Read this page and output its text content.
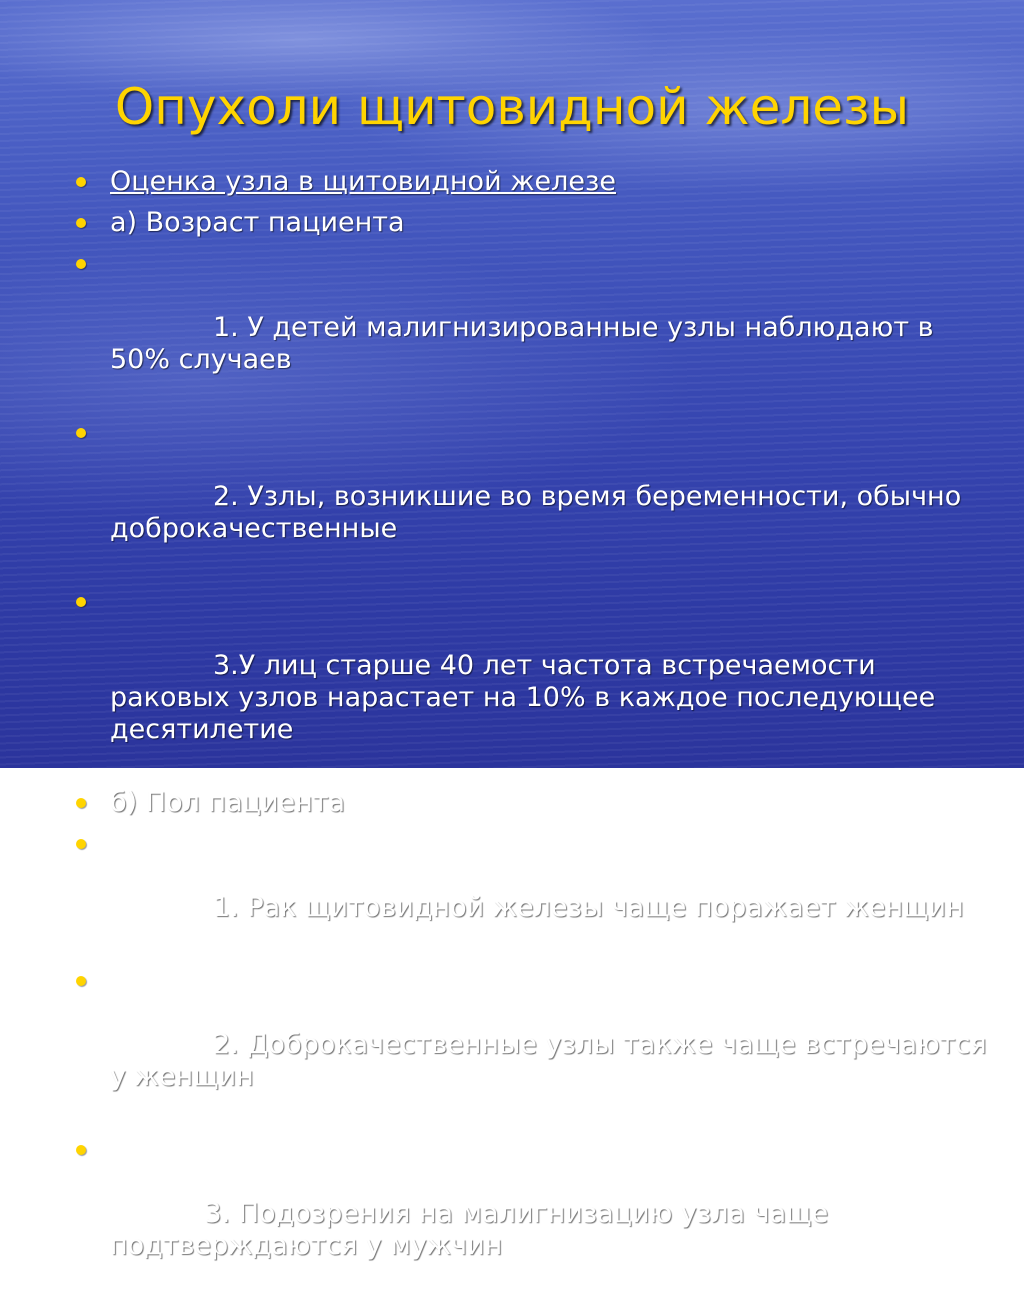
Опухоли щитовидной железы
Оценка узла в щитовидной железе
а) Возраст пациента

1. У детей малигнизированные узлы наблюдают в 50% случаев

2. Узлы, возникшие во время беременности, обычно доброкачественные

3.У лиц старше 40 лет частота встречаемости раковых узлов нарастает на 10% в каждое последующее десятилетие

б) Пол пациента

1. Рак щитовидной железы чаще поражает женщин

2. Доброкачественные узлы также чаще встречаются у женщин

3. Подозрения на малигнизацию узла чаще подтверждаются у мужчин
